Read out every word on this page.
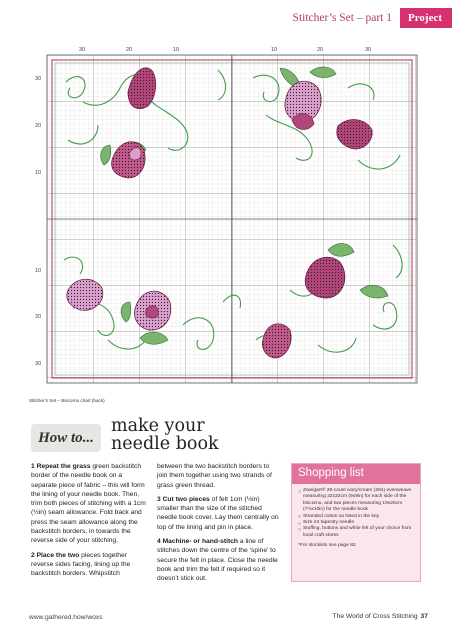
Stitcher’s Set – part 1	Project
30	20	10	10	20	30
30
20
10
10
20
30
Stitcher’s Set – Biscornu chart (back)
How to...
make your
needle book

1 Repeat the grass green backstitch border of the needle book on a separate piece of fabric – this will form the lining of your needle book. Then, trim both pieces of stitching with a 1cm (½in) seam allowance. Fold back and press the seam allowance along the backstitch borders, in towards the reverse side of your stitching.

2 Place the two pieces together reverse sides facing, lining up the backstitch borders. Whipstitch

between the two backstitch borders to join them together using two strands of grass green thread.

3 Cut two pieces of felt 1cm (½in) smaller than the size of the stitched needle book cover. Lay them centrally on top of the lining and pin in place.

4 Machine- or hand-stitch a line of stitches down the centre of the ‘spine’ to secure the felt in place. Close the needle book and trim the felt if required so it doesn’t stick out.

Shopping list
Zweigart® 28-count ivory/cream (264) evenweave measuring 22x22cm (9x9in) for each side of the biscornu, and two pieces measuring 19x26cm (7½x10in) for the needle book
Stranded cotton as listed in the key
Size 24 tapestry needle
Stuffing, buttons and white felt of your choice from local craft stores
*For stockists see page 82
www.gathered.how/woxs	The World of Cross Stitching 37
